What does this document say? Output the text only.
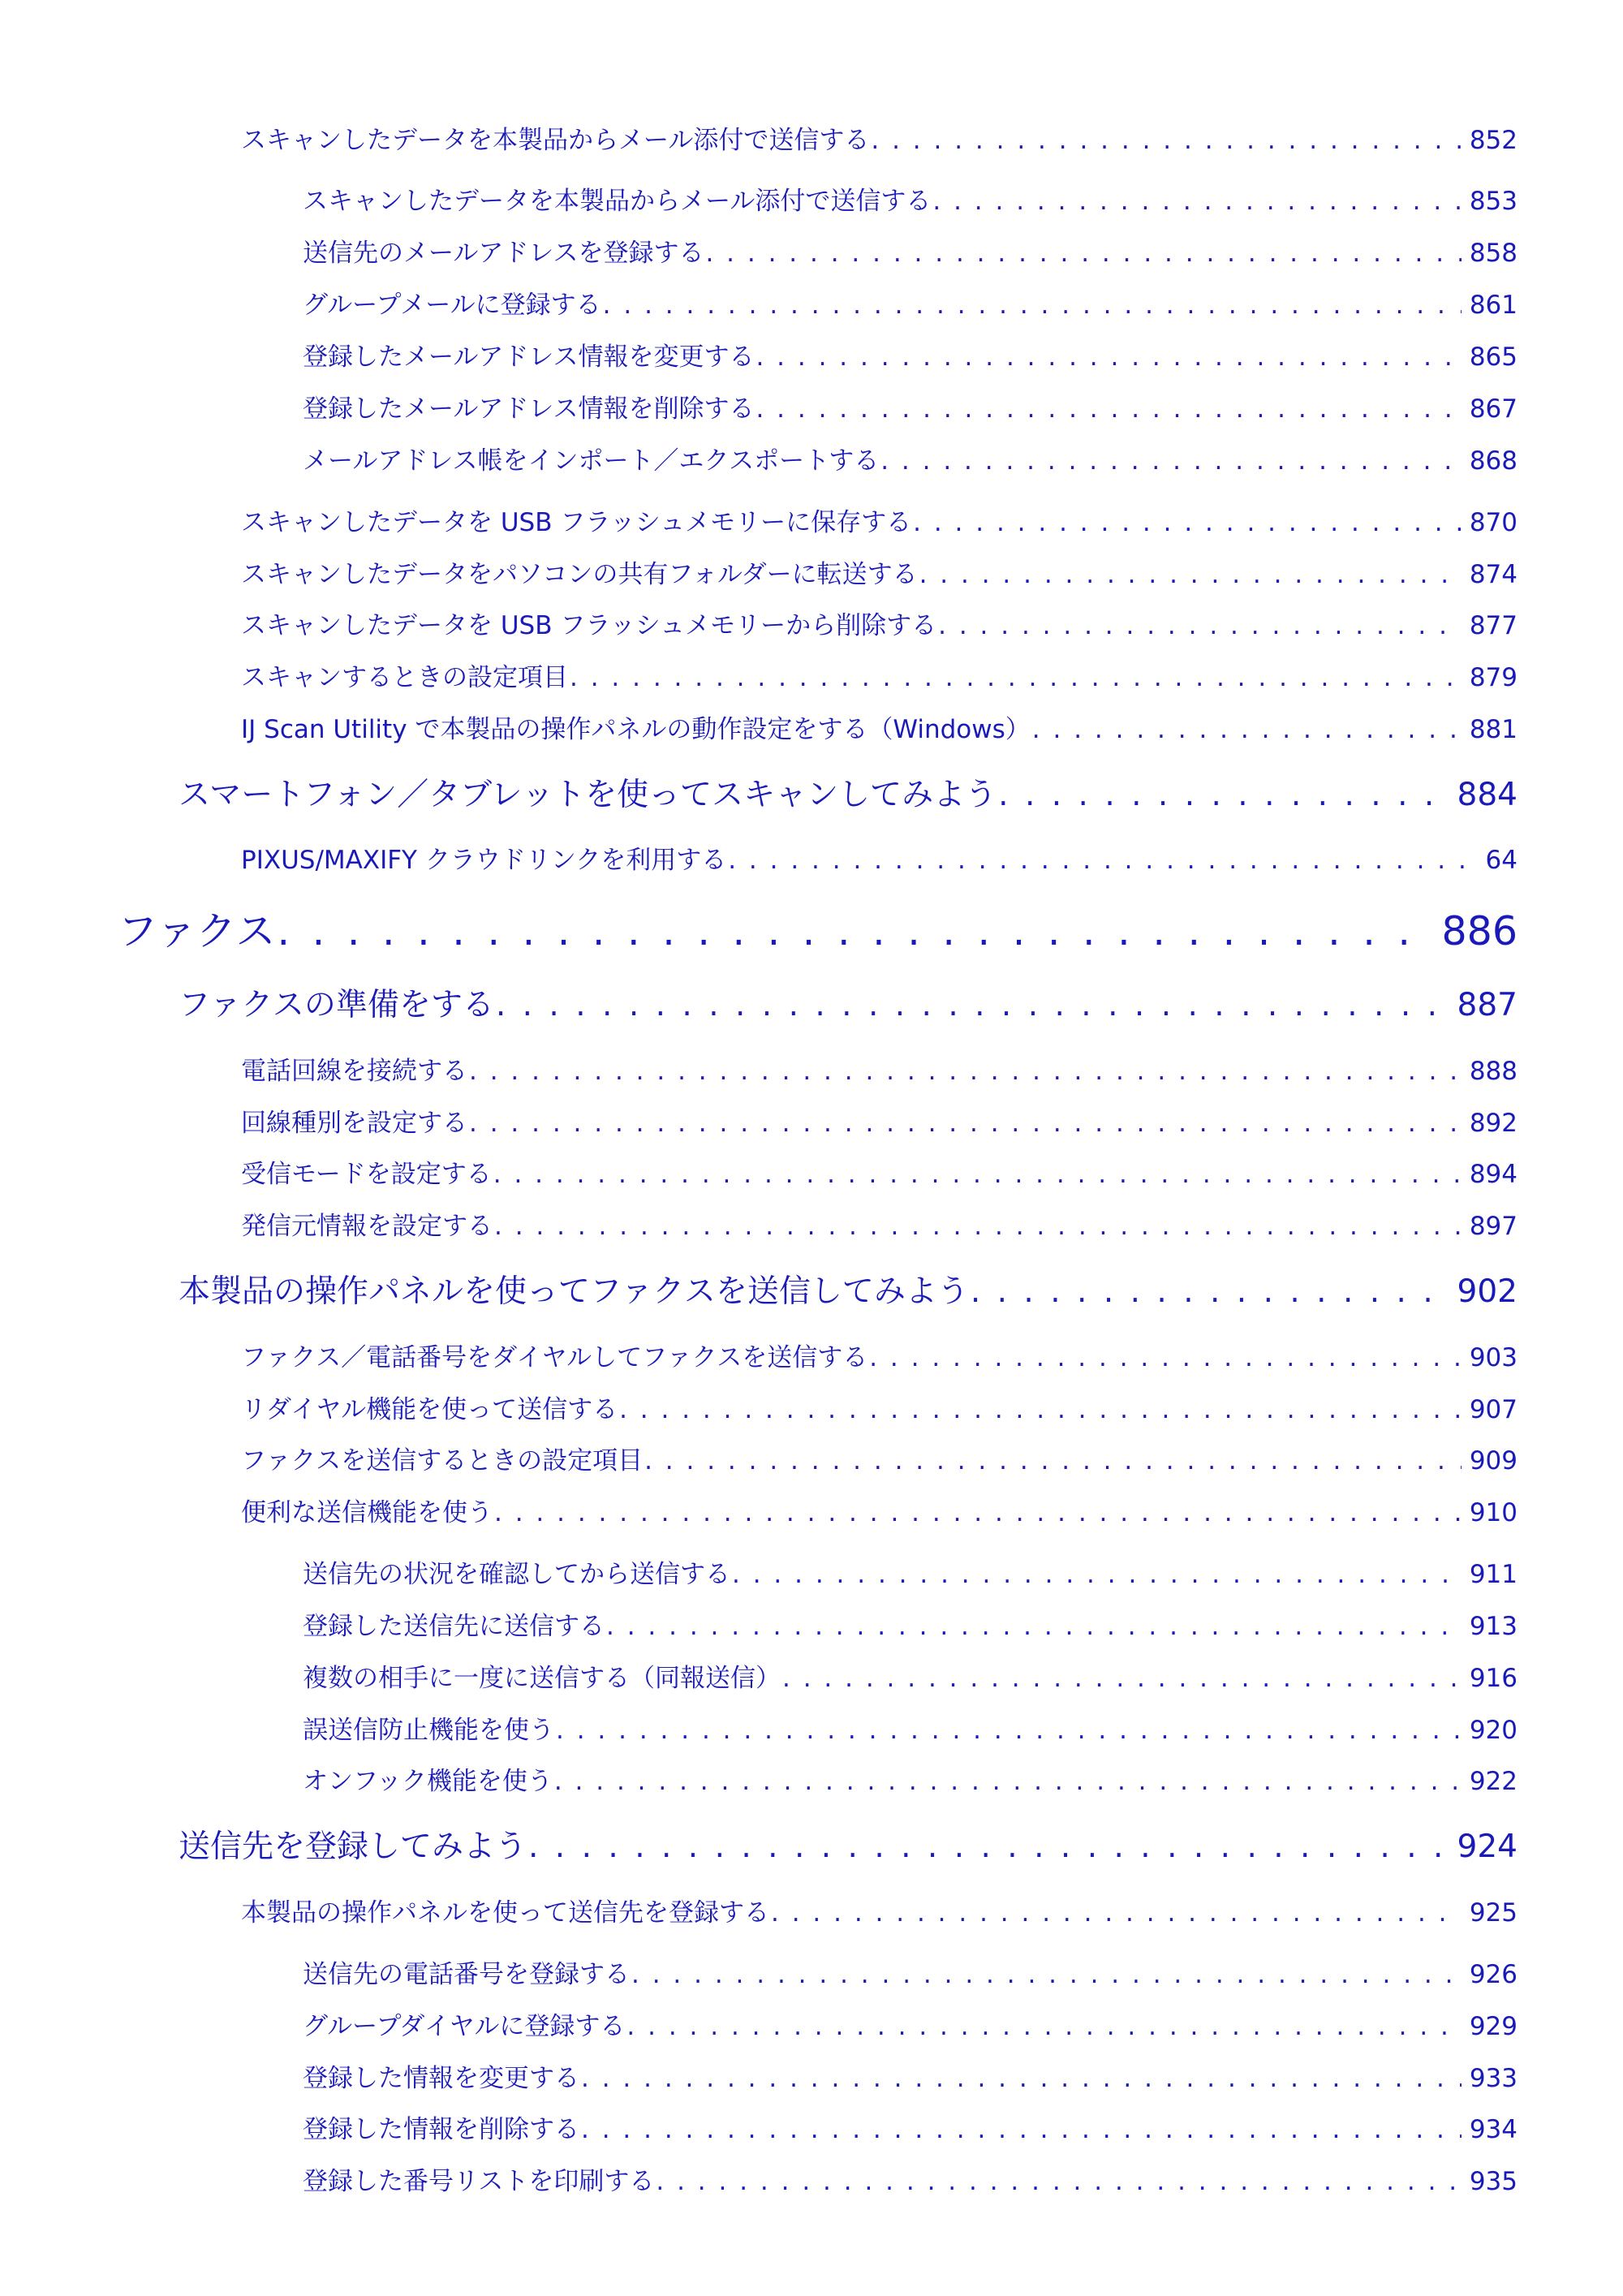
スキャンしたデータを本製品からメール添付で送信する . . .	852
スキャンしたデータを本製品からメール添付で送信する . . .	853
送信先のメールアドレスを登録する . . .	858
グループメールに登録する . . .	861
登録したメールアドレス情報を変更する . . .	865
登録したメールアドレス情報を削除する . . .	867
メールアドレス帳をインポート／エクスポートする . . .	868
スキャンしたデータを USB フラッシュメモリーに保存する . . .	870
スキャンしたデータをパソコンの共有フォルダーに転送する . . .	874
スキャンしたデータを USB フラッシュメモリーから削除する . . .	877
スキャンするときの設定項目 . . .	879
IJ Scan Utility で本製品の操作パネルの動作設定をする（Windows） . . .	881
スマートフォン／タブレットを使ってスキャンしてみよう . . .	884
PIXUS/MAXIFY クラウドリンクを利用する . . .	64
ファクス . . .	886
ファクスの準備をする . . .	887
電話回線を接続する . . .	888
回線種別を設定する . . .	892
受信モードを設定する . . .	894
発信元情報を設定する . . .	897
本製品の操作パネルを使ってファクスを送信してみよう . . .	902
ファクス／電話番号をダイヤルしてファクスを送信する . . .	903
リダイヤル機能を使って送信する . . .	907
ファクスを送信するときの設定項目 . . .	909
便利な送信機能を使う . . .	910
送信先の状況を確認してから送信する . . .	911
登録した送信先に送信する . . .	913
複数の相手に一度に送信する（同報送信） . . .	916
誤送信防止機能を使う . . .	920
オンフック機能を使う . . .	922
送信先を登録してみよう . . .	924
本製品の操作パネルを使って送信先を登録する . . .	925
送信先の電話番号を登録する . . .	926
グループダイヤルに登録する . . .	929
登録した情報を変更する . . .	933
登録した情報を削除する . . .	934
登録した番号リストを印刷する . . .	935
